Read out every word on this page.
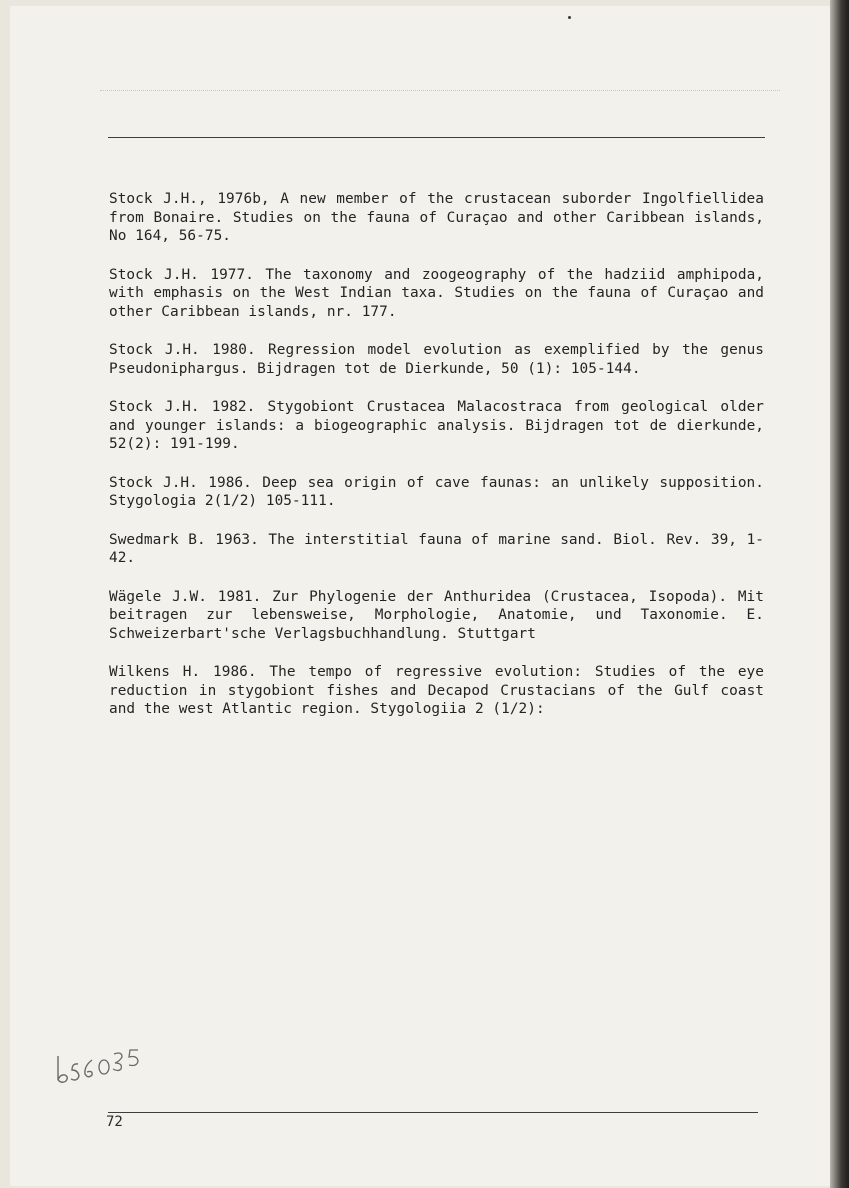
Stock J.H., 1976b, A new member of the crustacean suborder Ingolfiellidea from Bonaire. Studies on the fauna of Curaçao and other Caribbean islands, No 164, 56-75.

Stock J.H. 1977. The taxonomy and zoogeography of the hadziid amphipoda, with emphasis on the West Indian taxa. Studies on the fauna of Curaçao and other Caribbean islands, nr. 177.

Stock J.H. 1980. Regression model evolution as exemplified by the genus Pseudoniphargus. Bijdragen tot de Dierkunde, 50 (1): 105-144.

Stock J.H. 1982. Stygobiont Crustacea Malacostraca from geological older and younger islands: a biogeographic analysis. Bijdragen tot de dierkunde, 52(2): 191-199.

Stock J.H. 1986. Deep sea origin of cave faunas: an unlikely supposition. Stygologia 2(1/2) 105-111.

Swedmark B. 1963. The interstitial fauna of marine sand. Biol. Rev. 39, 1-42.

Wägele J.W. 1981. Zur Phylogenie der Anthuridea (Crustacea, Isopoda). Mit beitragen zur lebensweise, Morphologie, Anatomie, und Taxonomie. E. Schweizerbart'sche Verlagsbuchhandlung. Stuttgart

Wilkens H. 1986. The tempo of regressive evolution: Studies of the eye reduction in stygobiont fishes and Decapod Crustacians of the Gulf coast and the west Atlantic region. Stygologiia 2 (1/2):

72
